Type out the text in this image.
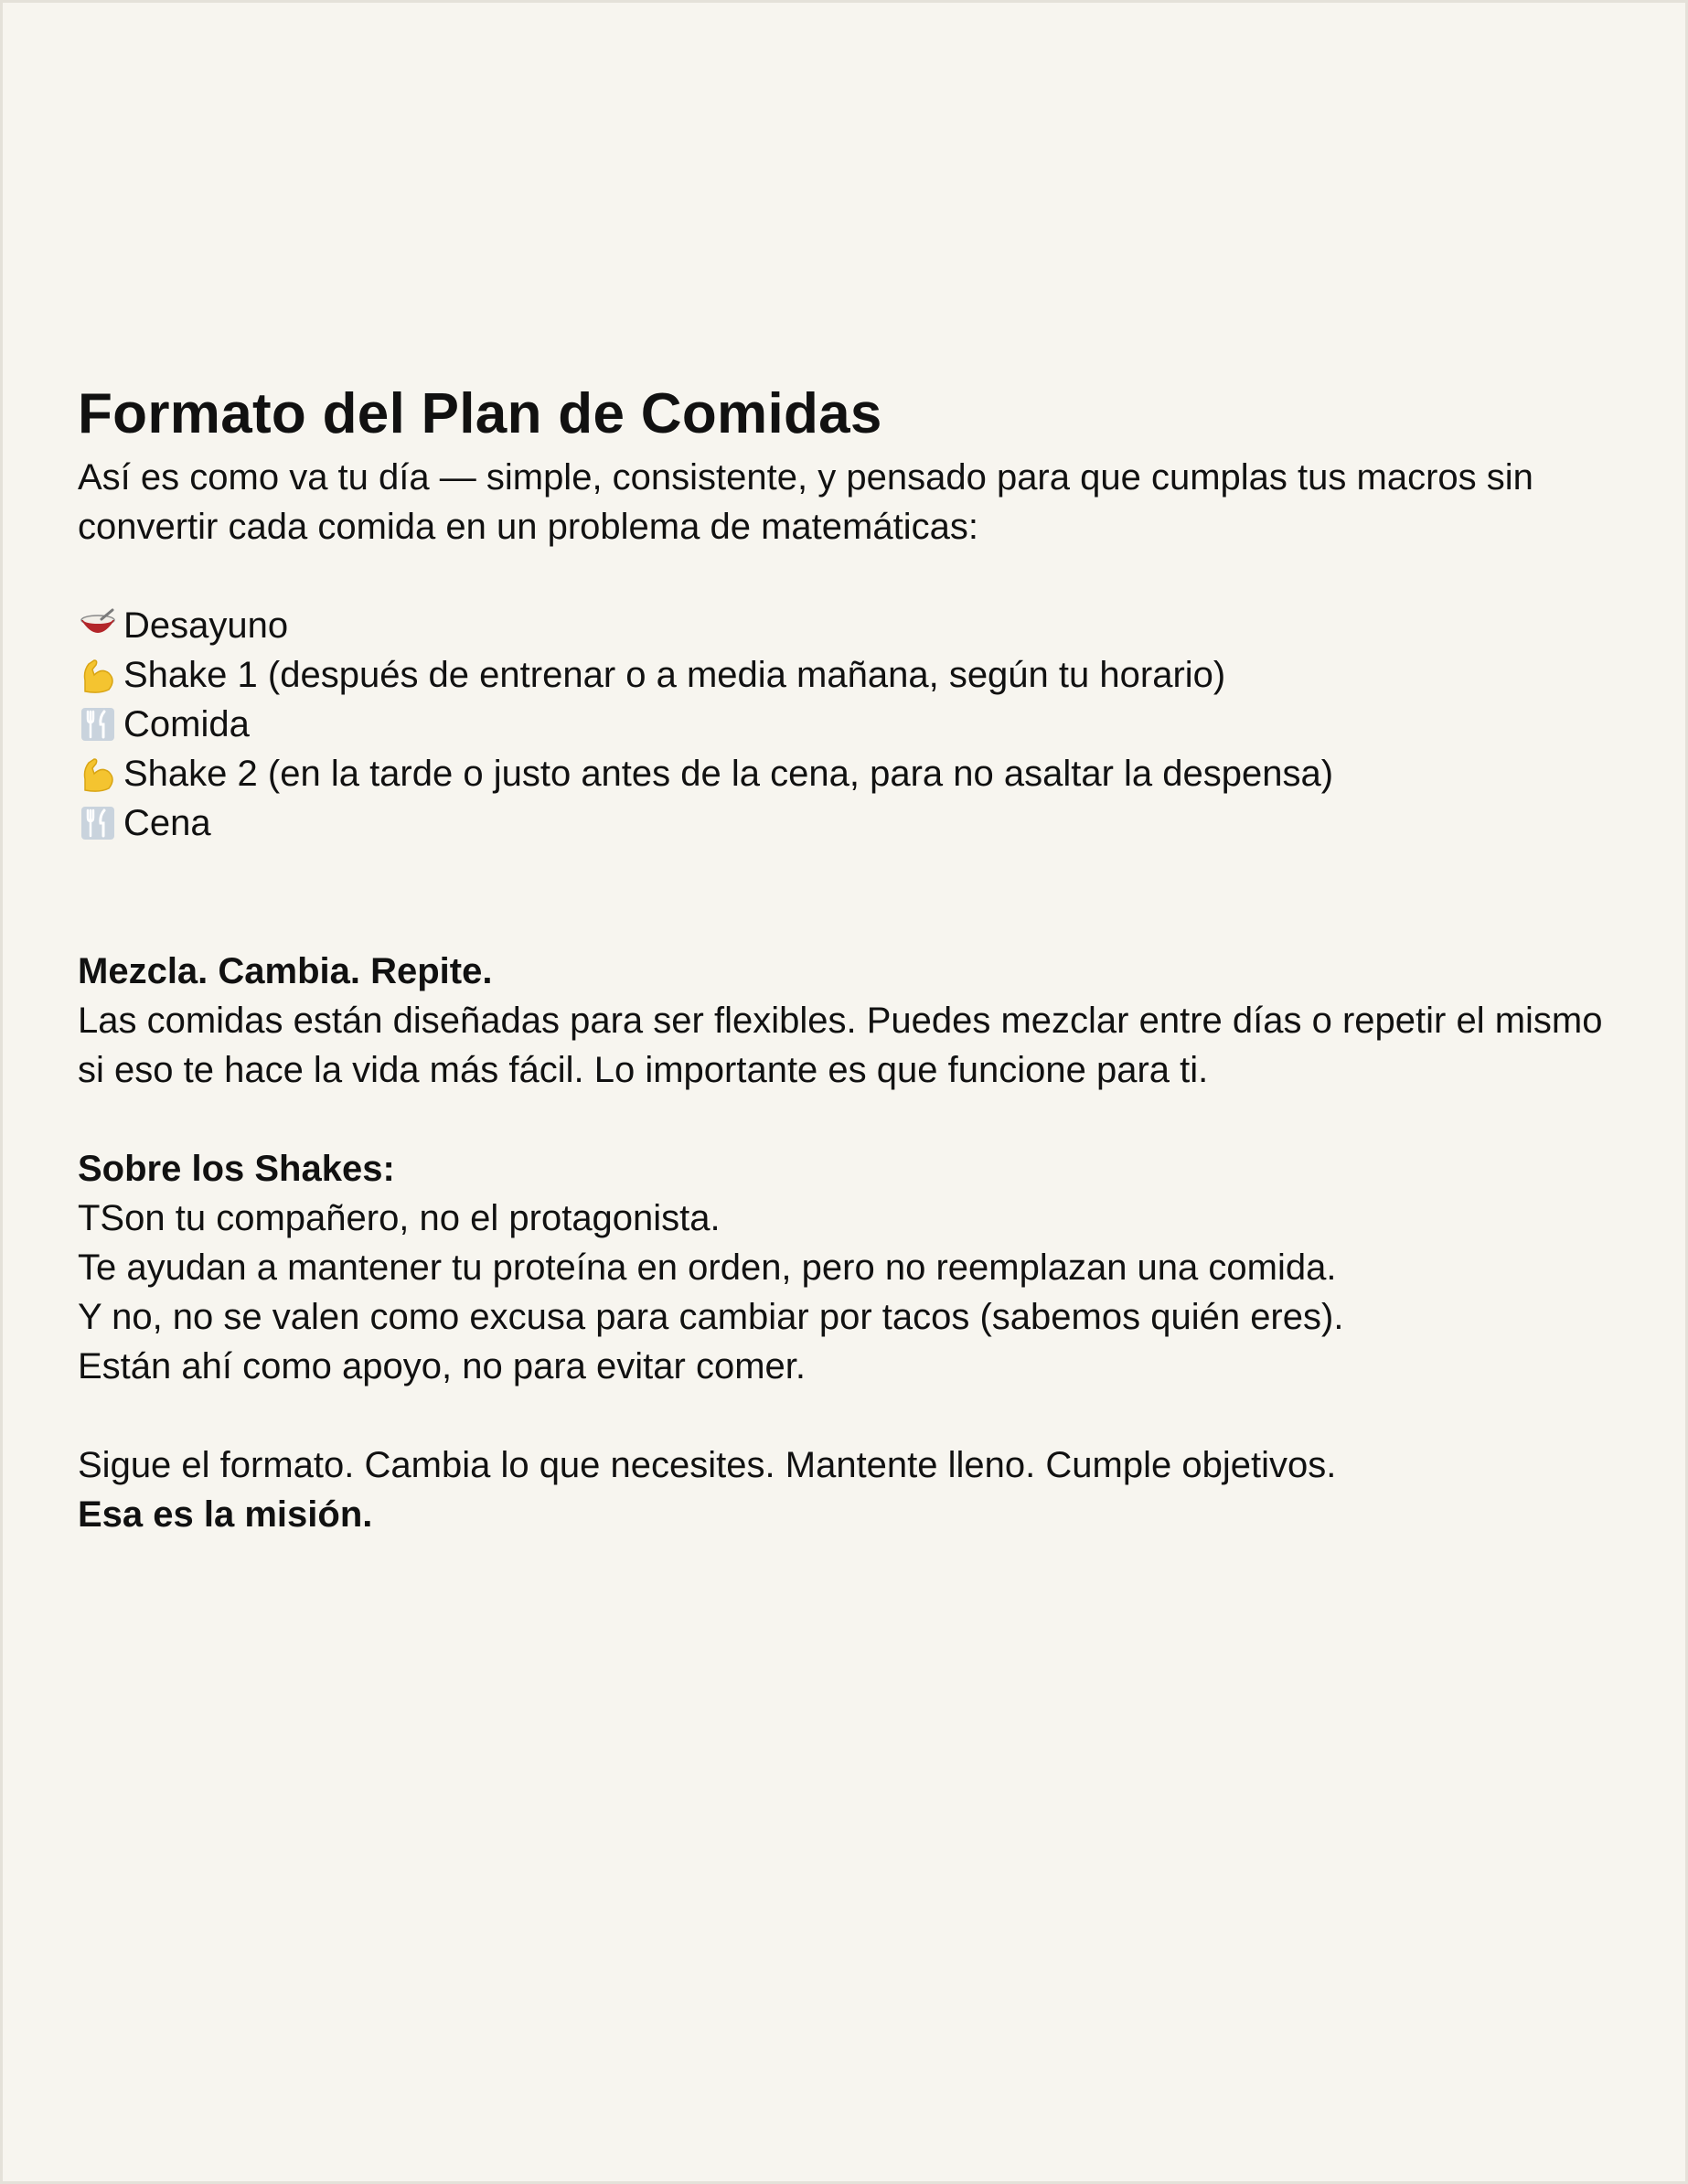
Formato del Plan de Comidas

Así es como va tu día — simple, consistente, y pensado para que cumplas tus macros sin convertir cada comida en un problema de matemáticas:

Desayuno
Shake 1 (después de entrenar o a media mañana, según tu horario)
Comida
Shake 2 (en la tarde o justo antes de la cena, para no asaltar la despensa)
Cena

Mezcla. Cambia. Repite.

Las comidas están diseñadas para ser flexibles. Puedes mezclar entre días o repetir el mismo si eso te hace la vida más fácil. Lo importante es que funcione para ti.

Sobre los Shakes:

TSon tu compañero, no el protagonista.

Te ayudan a mantener tu proteína en orden, pero no reemplazan una comida.

Y no, no se valen como excusa para cambiar por tacos (sabemos quién eres).

Están ahí como apoyo, no para evitar comer.

Sigue el formato. Cambia lo que necesites. Mantente lleno. Cumple objetivos.

Esa es la misión.
